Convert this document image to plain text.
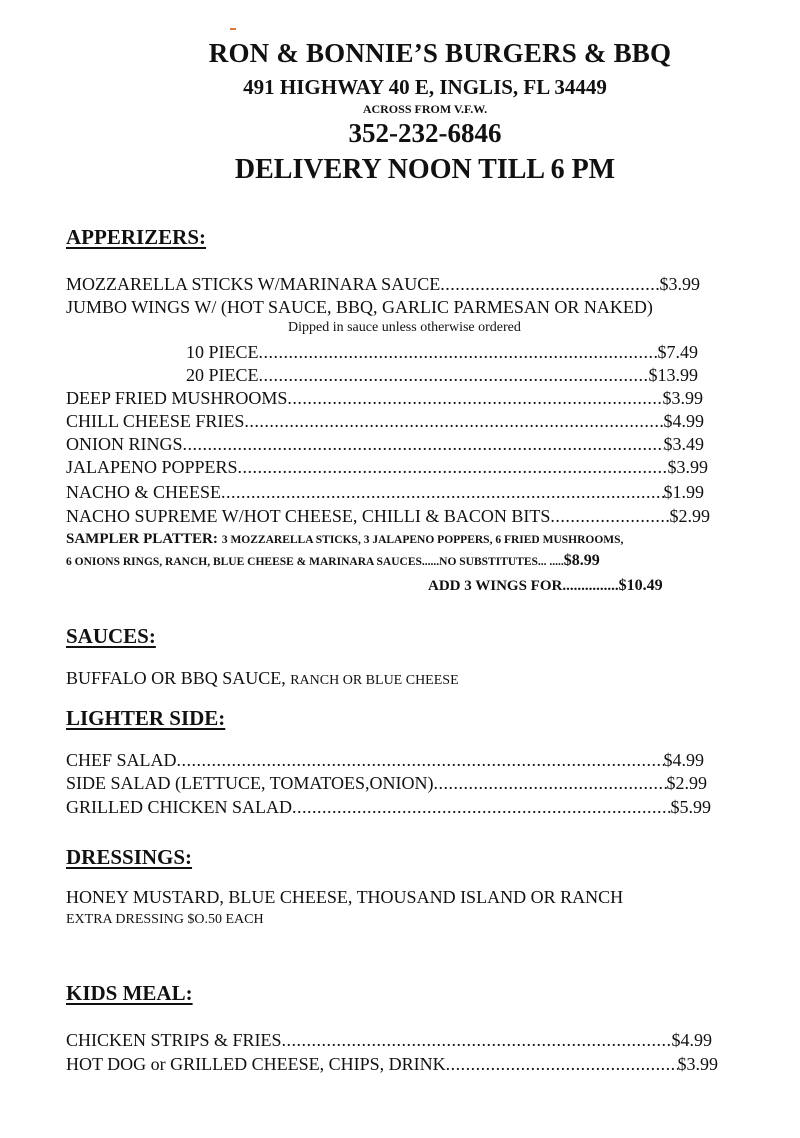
RON & BONNIE’S BURGERS & BBQ
491 HIGHWAY 40 E, INGLIS, FL 34449
ACROSS FROM V.F.W.
352-232-6846
DELIVERY NOON TILL 6 PM
APPERIZERS:
MOZZARELLA STICKS W/MARINARA SAUCE .....	$3.99
JUMBO WINGS W/ (HOT SAUCE, BBQ, GARLIC PARMESAN OR NAKED)
Dipped in sauce unless otherwise ordered
10 PIECE .....	$7.49
20 PIECE .....	$13.99
DEEP FRIED MUSHROOMS .....	$3.99
CHILL CHEESE FRIES .....	$4.99
ONION RINGS .....	$3.49
JALAPENO POPPERS .....	$3.99
NACHO & CHEESE .....	$1.99
NACHO SUPREME W/HOT CHEESE, CHILLI & BACON BITS .....	$2.99
SAMPLER PLATTER: 3 MOZZARELLA STICKS, 3 JALAPENO POPPERS, 6 FRIED MUSHROOMS,
6 ONIONS RINGS, RANCH, BLUE CHEESE & MARINARA SAUCES......NO SUBSTITUTES... .....$8.99
ADD 3 WINGS FOR...............$10.49
SAUCES:
BUFFALO OR BBQ SAUCE, RANCH OR BLUE CHEESE
LIGHTER SIDE:
CHEF SALAD .....	$4.99
SIDE SALAD (LETTUCE, TOMATOES,ONION) .....	$2.99
GRILLED CHICKEN SALAD .....	$5.99
DRESSINGS:
HONEY MUSTARD, BLUE CHEESE, THOUSAND ISLAND OR RANCH
EXTRA DRESSING $O.50 EACH
KIDS MEAL:
CHICKEN STRIPS & FRIES .....	$4.99
HOT DOG or GRILLED CHEESE, CHIPS, DRINK .....	$3.99
